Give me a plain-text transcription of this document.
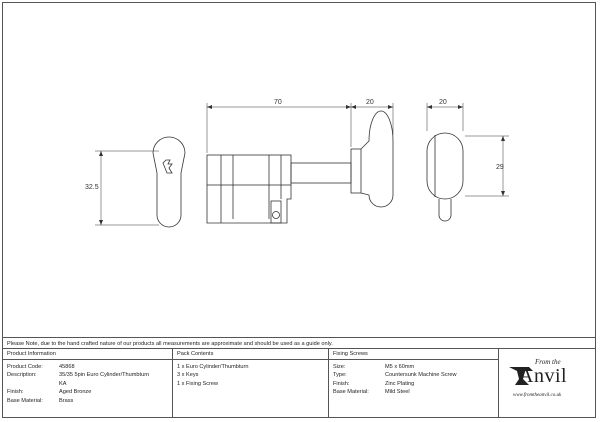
32.5
70	20	20
29
Please Note, due to the hand crafted nature of our products all measurements are approximate and should be used as a guide only.
Product Information
Product Code:	45868
Description:	35/35 5pin Euro Cylinder/Thumbturn
KA
Finish:	Aged Bronze
Base Material:	Brass
Pack Contents
1 x Euro Cylinder/Thumbturn
3 x Keys
1 x Fixing Screw
Fixing Screws
Size:	M5 x 60mm
Type:	Countersunk Machine Screw
Finish:	Zinc Plating
Base Material:	Mild Steel
From the
Anvil
www.fromtheanvil.co.uk
